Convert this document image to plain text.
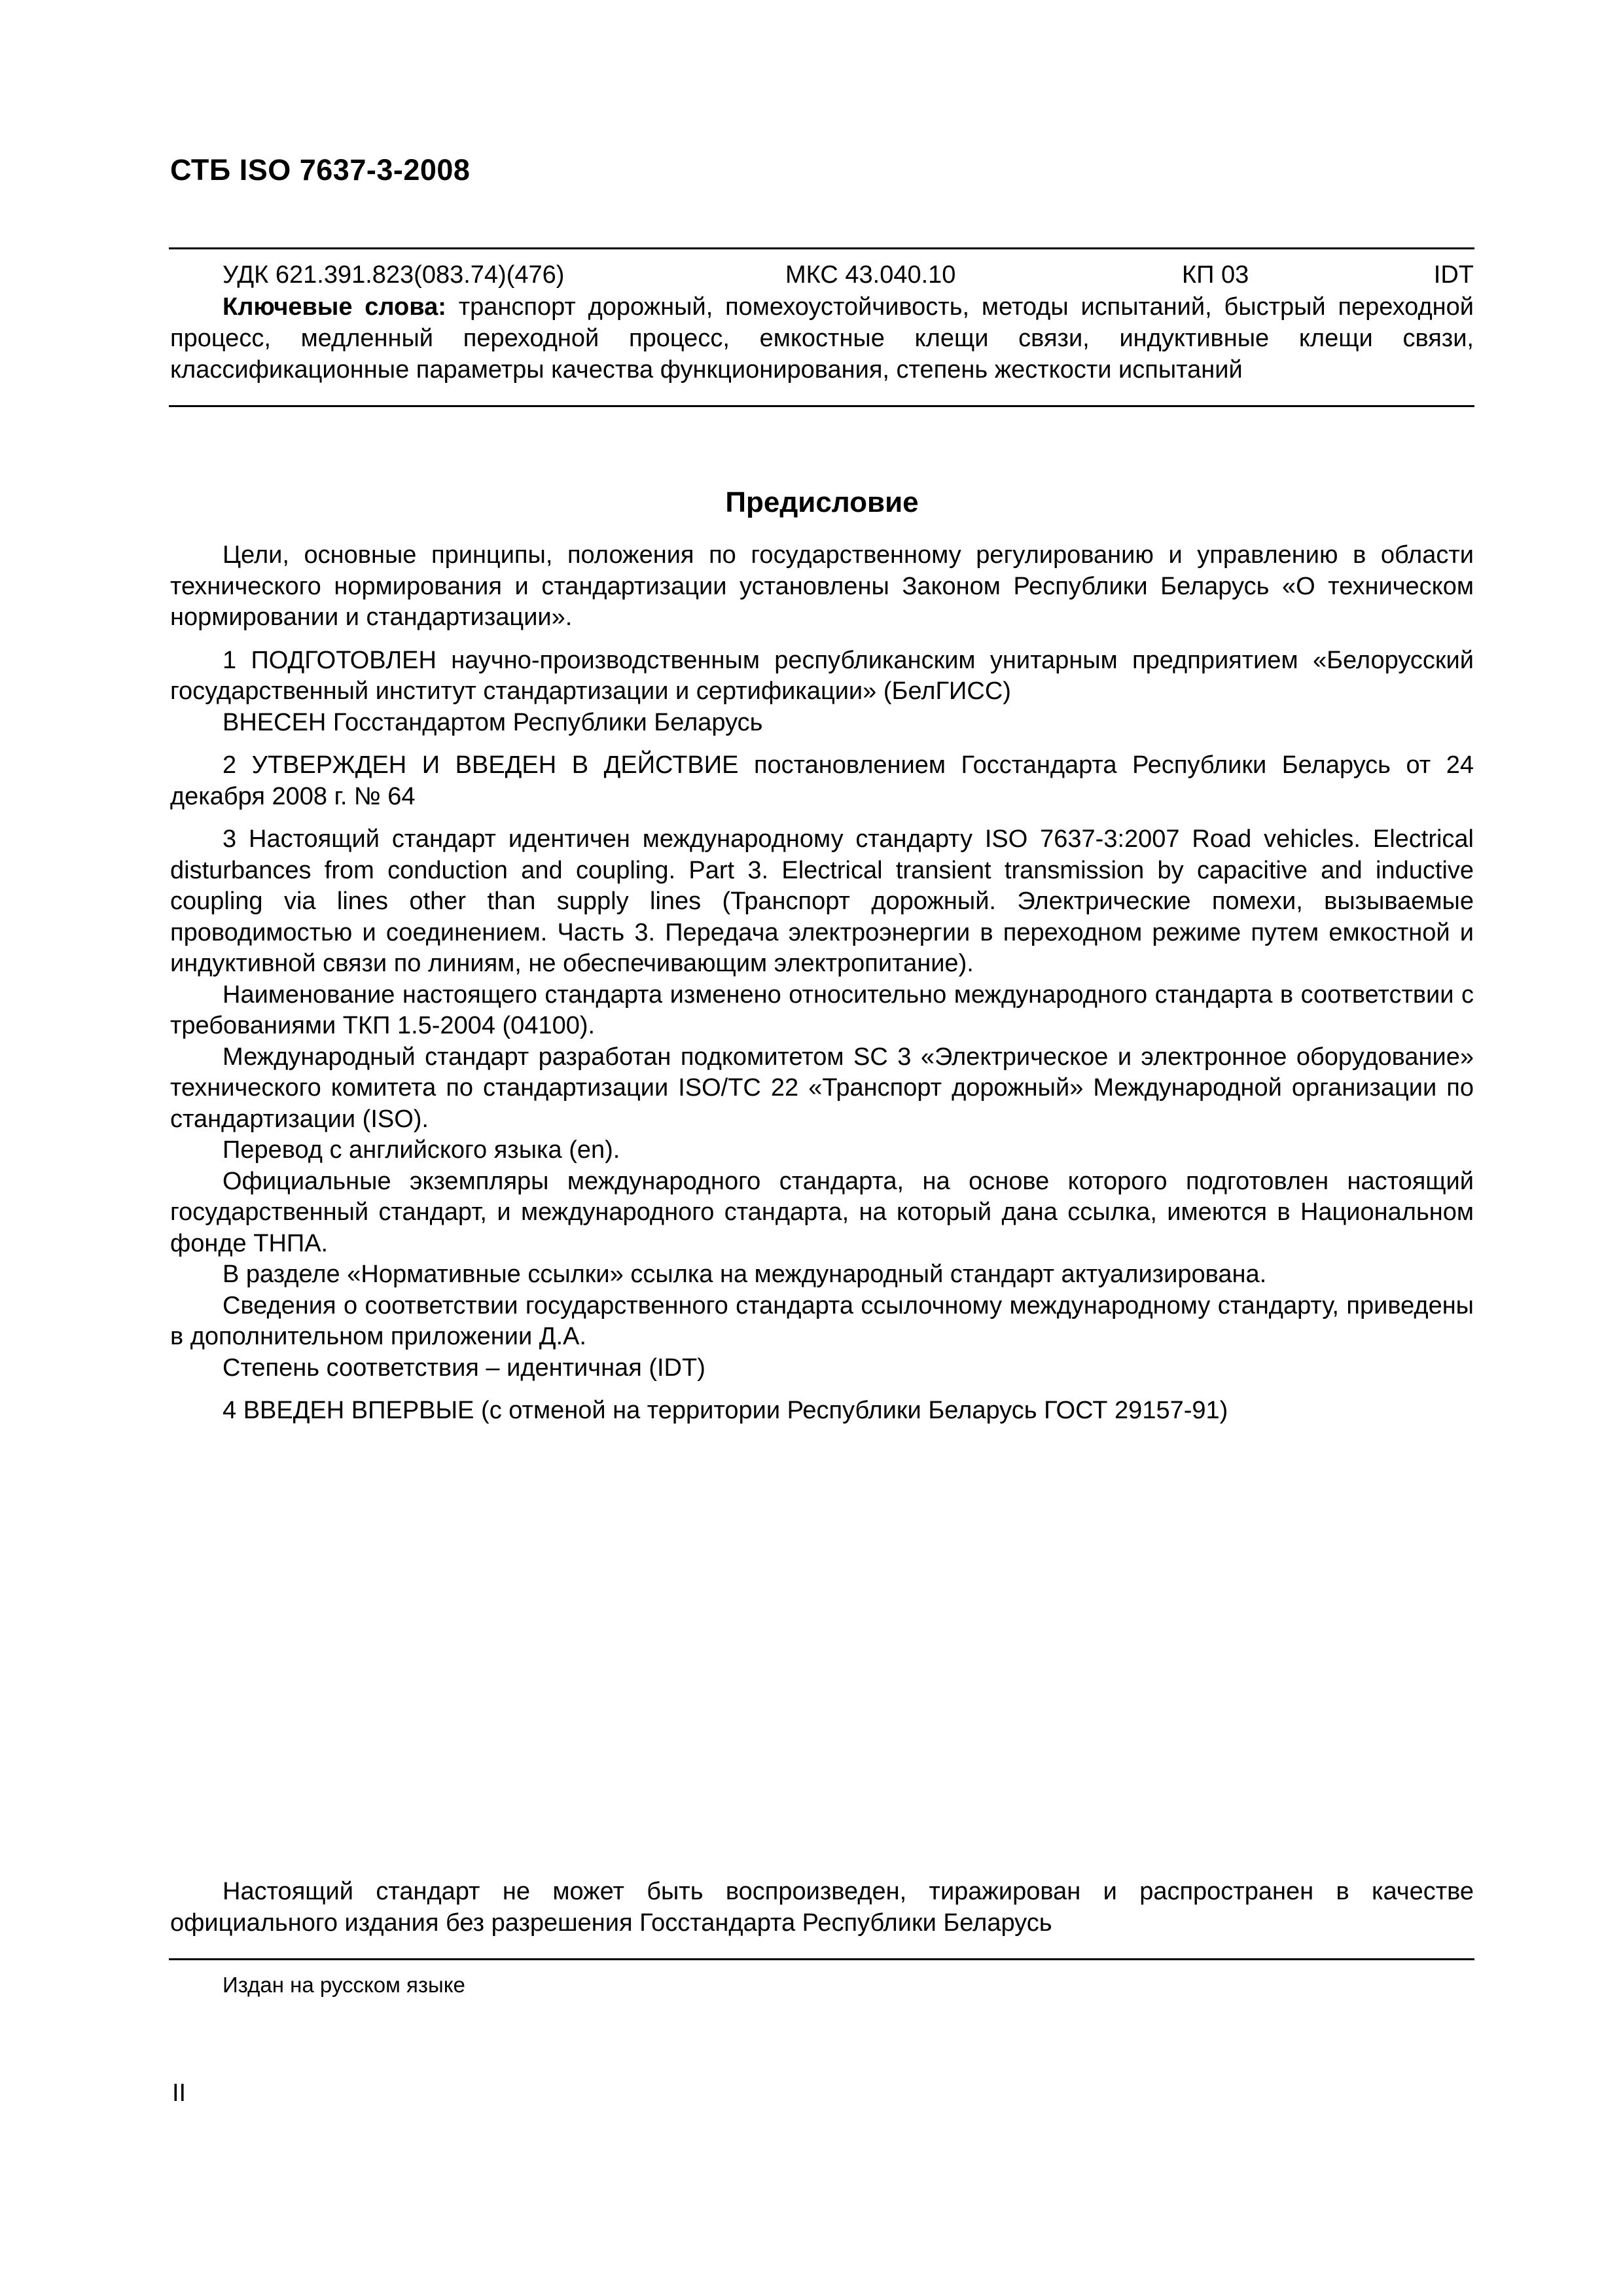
СТБ ISO 7637-3-2008
УДК 621.391.823(083.74)(476)	МКС 43.040.10	КП 03	IDT
Ключевые слова: транспорт дорожный, помехоустойчивость, методы испытаний, быстрый переходной процесс, медленный переходной процесс, емкостные клещи связи, индуктивные клещи связи, классификационные параметры качества функционирования, степень жесткости испытаний
Предисловие

Цели, основные принципы, положения по государственному регулированию и управлению в области технического нормирования и стандартизации установлены Законом Республики Беларусь «О техническом нормировании и стандартизации».

1 ПОДГОТОВЛЕН научно-производственным республиканским унитарным предприятием «Белорусский государственный институт стандартизации и сертификации» (БелГИСС)

ВНЕСЕН Госстандартом Республики Беларусь

2 УТВЕРЖДЕН И ВВЕДЕН В ДЕЙСТВИЕ постановлением Госстандарта Республики Беларусь от 24 декабря 2008 г. № 64

3 Настоящий стандарт идентичен международному стандарту ISO 7637-3:2007 Road vehicles. Electrical disturbances from conduction and coupling. Part 3. Electrical transient transmission by capacitive and inductive coupling via lines other than supply lines (Транспорт дорожный. Электрические помехи, вызываемые проводимостью и соединением. Часть 3. Передача электроэнергии в переходном режиме путем емкостной и индуктивной связи по линиям, не обеспечивающим электропитание).

Наименование настоящего стандарта изменено относительно международного стандарта в соответствии с требованиями ТКП 1.5-2004 (04100).

Международный стандарт разработан подкомитетом SC 3 «Электрическое и электронное оборудование» технического комитета по стандартизации ISO/TC 22 «Транспорт дорожный» Международной организации по стандартизации (ISO).

Перевод с английского языка (en).

Официальные экземпляры международного стандарта, на основе которого подготовлен настоящий государственный стандарт, и международного стандарта, на который дана ссылка, имеются в Национальном фонде ТНПА.

В разделе «Нормативные ссылки» ссылка на международный стандарт актуализирована.

Сведения о соответствии государственного стандарта ссылочному международному стандарту, приведены в дополнительном приложении Д.А.

Степень соответствия – идентичная (IDT)

4 ВВЕДЕН ВПЕРВЫЕ (с отменой на территории Республики Беларусь ГОСТ 29157-91)

Настоящий стандарт не может быть воспроизведен, тиражирован и распространен в качестве официального издания без разрешения Госстандарта Республики Беларусь
Издан на русском языке
II
